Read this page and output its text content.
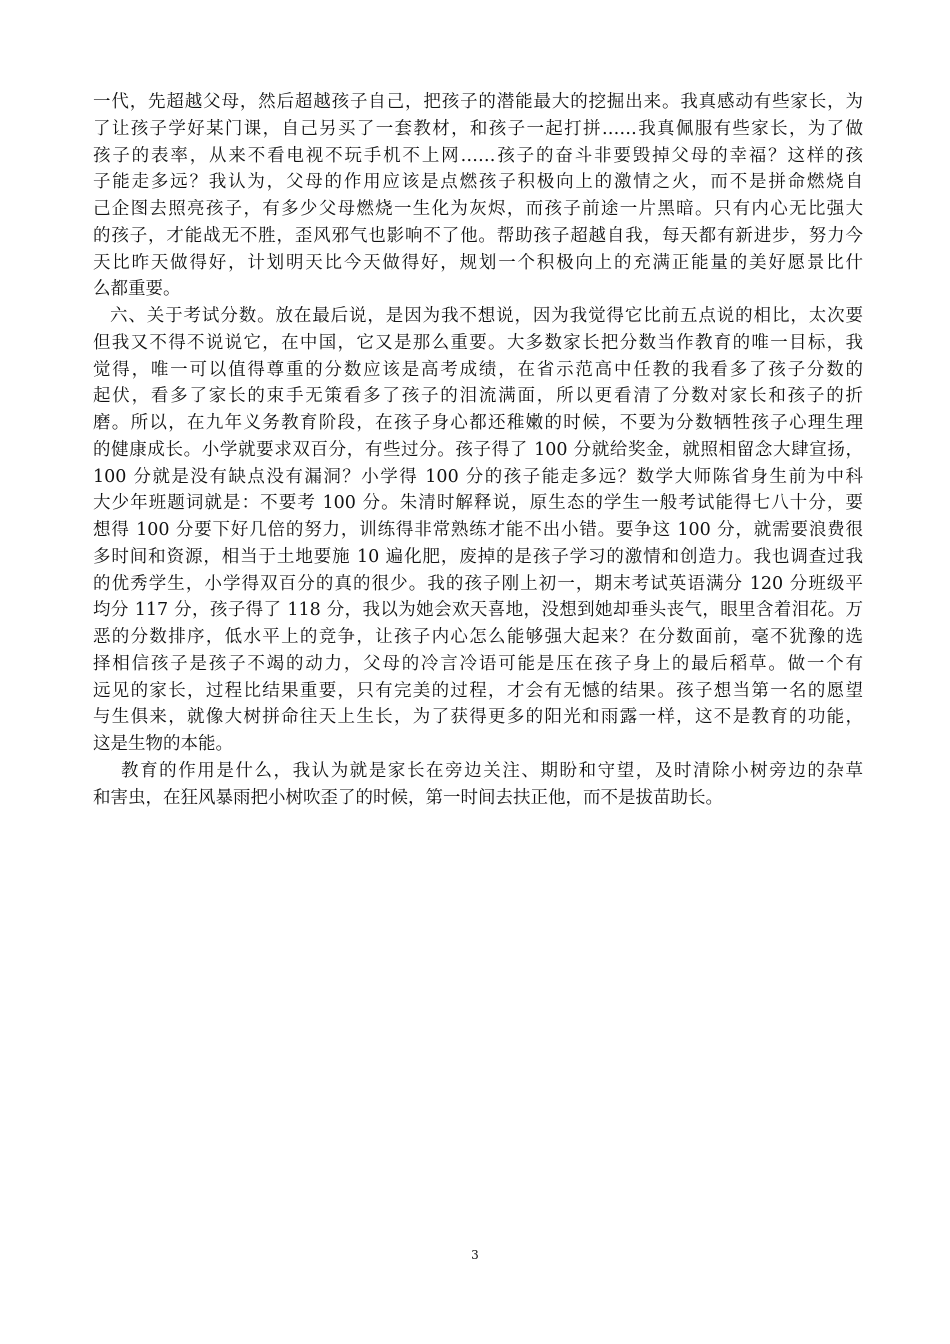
一代，先超越父母，然后超越孩子自己，把孩子的潜能最大的挖掘出来。我真感动有些家长，为
了让孩子学好某门课，自己另买了一套教材，和孩子一起打拼……我真佩服有些家长，为了做
孩子的表率，从来不看电视不玩手机不上网……孩子的奋斗非要毁掉父母的幸福？这样的孩
子能走多远？我认为，父母的作用应该是点燃孩子积极向上的激情之火，而不是拼命燃烧自
己企图去照亮孩子，有多少父母燃烧一生化为灰烬，而孩子前途一片黑暗。只有内心无比强大
的孩子，才能战无不胜，歪风邪气也影响不了他。帮助孩子超越自我，每天都有新进步，努力今
天比昨天做得好，计划明天比今天做得好，规划一个积极向上的充满正能量的美好愿景比什
么都重要。
六、关于考试分数。放在最后说，是因为我不想说，因为我觉得它比前五点说的相比，太次要
但我又不得不说说它，在中国，它又是那么重要。大多数家长把分数当作教育的唯一目标，我
觉得，唯一可以值得尊重的分数应该是高考成绩，在省示范高中任教的我看多了孩子分数的
起伏，看多了家长的束手无策看多了孩子的泪流满面，所以更看清了分数对家长和孩子的折
磨。所以，在九年义务教育阶段，在孩子身心都还稚嫩的时候，不要为分数牺牲孩子心理生理
的健康成长。小学就要求双百分，有些过分。孩子得了 100 分就给奖金，就照相留念大肆宣扬，
100 分就是没有缺点没有漏洞？小学得 100 分的孩子能走多远？数学大师陈省身生前为中科
大少年班题词就是：不要考 100 分。朱清时解释说，原生态的学生一般考试能得七八十分，要
想得 100 分要下好几倍的努力，训练得非常熟练才能不出小错。要争这 100 分，就需要浪费很
多时间和资源，相当于土地要施 10 遍化肥，废掉的是孩子学习的激情和创造力。我也调查过我
的优秀学生，小学得双百分的真的很少。我的孩子刚上初一，期末考试英语满分 120 分班级平
均分 117 分，孩子得了 118 分，我以为她会欢天喜地，没想到她却垂头丧气，眼里含着泪花。万
恶的分数排序，低水平上的竞争，让孩子内心怎么能够强大起来？在分数面前，毫不犹豫的选
择相信孩子是孩子不竭的动力，父母的冷言冷语可能是压在孩子身上的最后稻草。做一个有
远见的家长，过程比结果重要，只有完美的过程，才会有无憾的结果。孩子想当第一名的愿望
与生俱来，就像大树拼命往天上生长，为了获得更多的阳光和雨露一样，这不是教育的功能，
这是生物的本能。
教育的作用是什么，我认为就是家长在旁边关注、期盼和守望，及时清除小树旁边的杂草
和害虫，在狂风暴雨把小树吹歪了的时候，第一时间去扶正他，而不是拔苗助长。
3
